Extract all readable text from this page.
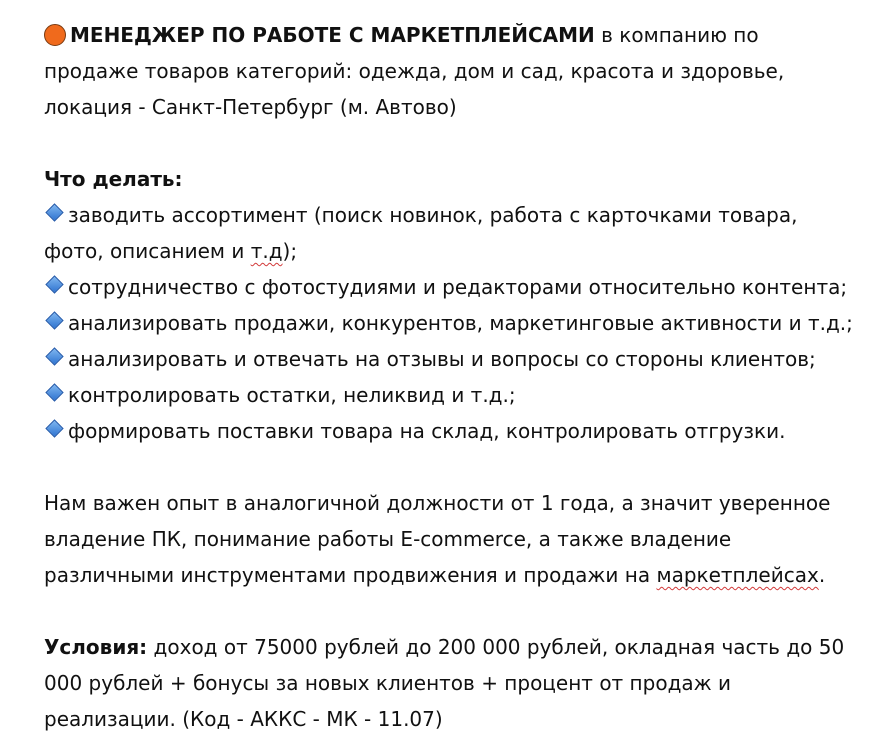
МЕНЕДЖЕР ПО РАБОТЕ С МАРКЕТПЛЕЙСАМИ в компанию по
продаже товаров категорий: одежда, дом и сад, красота и здоровье,
локация - Санкт-Петербург (м. Автово)

Что делать:

заводить ассортимент (поиск новинок, работа с карточками товара,

фото, описанием и т.д);

сотрудничество с фотостудиями и редакторами относительно контента;

анализировать продажи, конкурентов, маркетинговые активности и т.д.;

анализировать и отвечать на отзывы и вопросы со стороны клиентов;

контролировать остатки, неликвид и т.д.;

формировать поставки товара на склад, контролировать отгрузки.

Нам важен опыт в аналогичной должности от 1 года, а значит уверенное
владение ПК, понимание работы E-commerce, а также владение
различными инструментами продвижения и продажи на маркетплейсах.

Условия: доход от 75000 рублей до 200 000 рублей, окладная часть до 50
000 рублей + бонусы за новых клиентов + процент от продаж и
реализации. (Код - АККС - МК - 11.07)
